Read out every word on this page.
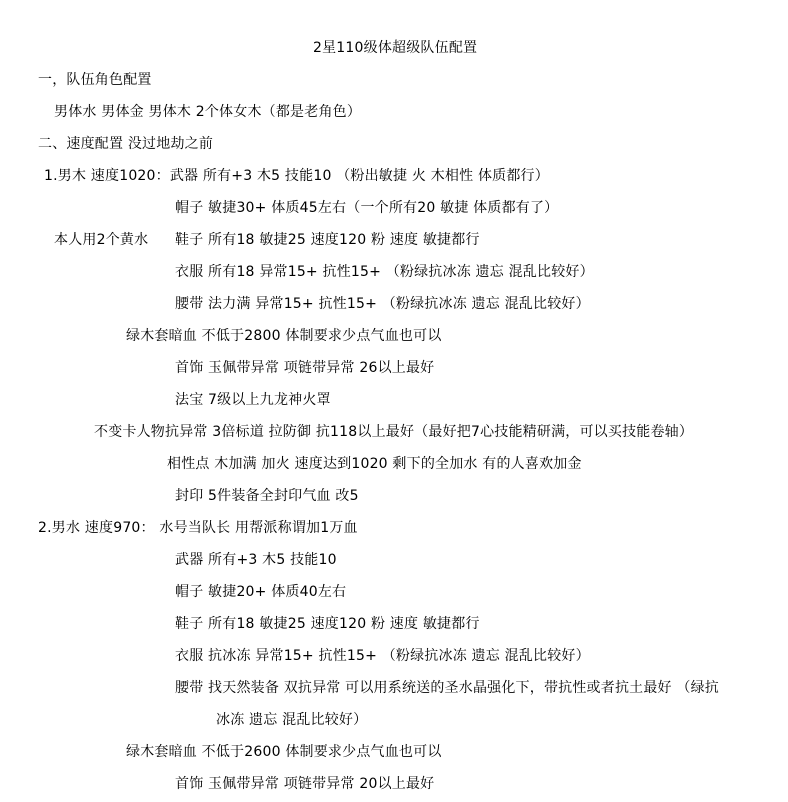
2星110级体超级队伍配置
一，队伍角色配置
男体水 男体金 男体木 2个体女木（都是老角色）
二、速度配置 没过地劫之前
1.男木 速度1020：武器 所有+3 木5 技能10 （粉出敏捷 火 木相性 体质都行）
帽子 敏捷30+ 体质45左右（一个所有20 敏捷 体质都有了）
本人用2个黄水 鞋子 所有18 敏捷25 速度120 粉 速度 敏捷都行
衣服 所有18 异常15+ 抗性15+ （粉绿抗冰冻 遗忘 混乱比较好）
腰带 法力满 异常15+ 抗性15+ （粉绿抗冰冻 遗忘 混乱比较好）
绿木套暗血 不低于2800 体制要求少点气血也可以
首饰 玉佩带异常 项链带异常 26以上最好
法宝 7级以上九龙神火罩
不变卡人物抗异常 3倍标道 拉防御 抗118以上最好（最好把7心技能精研满，可以买技能卷轴）
相性点 木加满 加火 速度达到1020 剩下的全加水 有的人喜欢加金
封印 5件装备全封印气血 改5
2.男水 速度970： 水号当队长 用帮派称谓加1万血
武器 所有+3 木5 技能10
帽子 敏捷20+ 体质40左右
鞋子 所有18 敏捷25 速度120 粉 速度 敏捷都行
衣服 抗冰冻 异常15+ 抗性15+ （粉绿抗冰冻 遗忘 混乱比较好）
腰带 找天然装备 双抗异常 可以用系统送的圣水晶强化下，带抗性或者抗土最好 （绿抗
冰冻 遗忘 混乱比较好）
绿木套暗血 不低于2600 体制要求少点气血也可以
首饰 玉佩带异常 项链带异常 20以上最好
